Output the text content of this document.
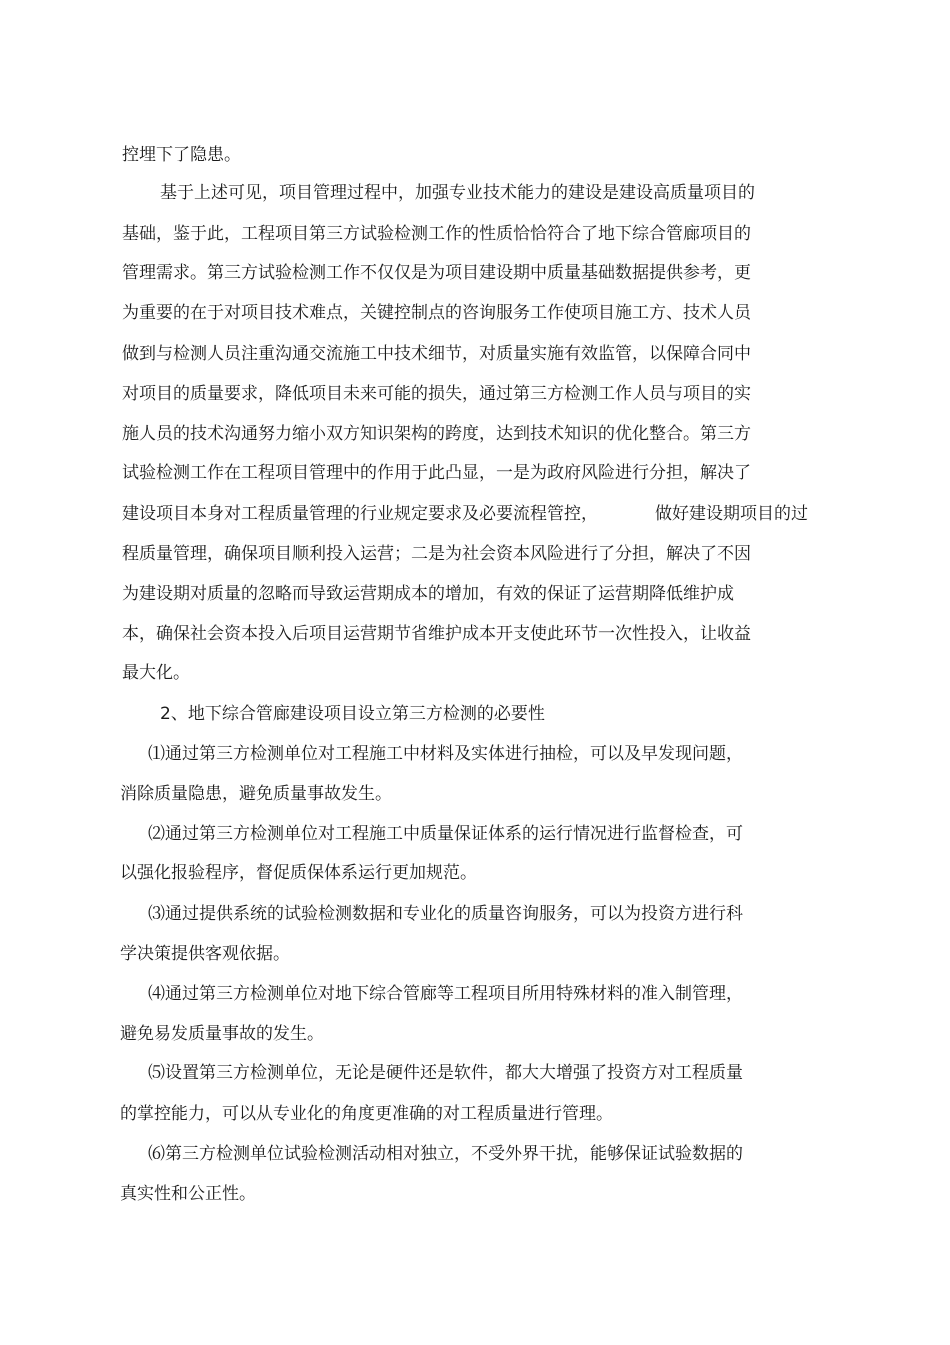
控埋下了隐患。
基于上述可见，项目管理过程中，加强专业技术能力的建设是建设高质量项目的
基础，鉴于此，工程项目第三方试验检测工作的性质恰恰符合了地下综合管廊项目的
管理需求。第三方试验检测工作不仅仅是为项目建设期中质量基础数据提供参考，更
为重要的在于对项目技术难点，关键控制点的咨询服务工作使项目施工方、技术人员
做到与检测人员注重沟通交流施工中技术细节，对质量实施有效监管，以保障合同中
对项目的质量要求，降低项目未来可能的损失，通过第三方检测工作人员与项目的实
施人员的技术沟通努力缩小双方知识架构的跨度，达到技术知识的优化整合。第三方
试验检测工作在工程项目管理中的作用于此凸显，一是为政府风险进行分担，解决了
建设项目本身对工程质量管理的行业规定要求及必要流程管控，	做好建设期项目的过
程质量管理，确保项目顺利投入运营；二是为社会资本风险进行了分担，解决了不因
为建设期对质量的忽略而导致运营期成本的增加，有效的保证了运营期降低维护成
本，确保社会资本投入后项目运营期节省维护成本开支使此环节一次性投入，让收益
最大化。
2、地下综合管廊建设项目设立第三方检测的必要性
⑴通过第三方检测单位对工程施工中材料及实体进行抽检，可以及早发现问题，
消除质量隐患，避免质量事故发生。
⑵通过第三方检测单位对工程施工中质量保证体系的运行情况进行监督检查，可
以强化报验程序，督促质保体系运行更加规范。
⑶通过提供系统的试验检测数据和专业化的质量咨询服务，可以为投资方进行科
学决策提供客观依据。
⑷通过第三方检测单位对地下综合管廊等工程项目所用特殊材料的准入制管理，
避免易发质量事故的发生。
⑸设置第三方检测单位，无论是硬件还是软件，都大大增强了投资方对工程质量
的掌控能力，可以从专业化的角度更准确的对工程质量进行管理。
⑹第三方检测单位试验检测活动相对独立，不受外界干扰，能够保证试验数据的
真实性和公正性。
